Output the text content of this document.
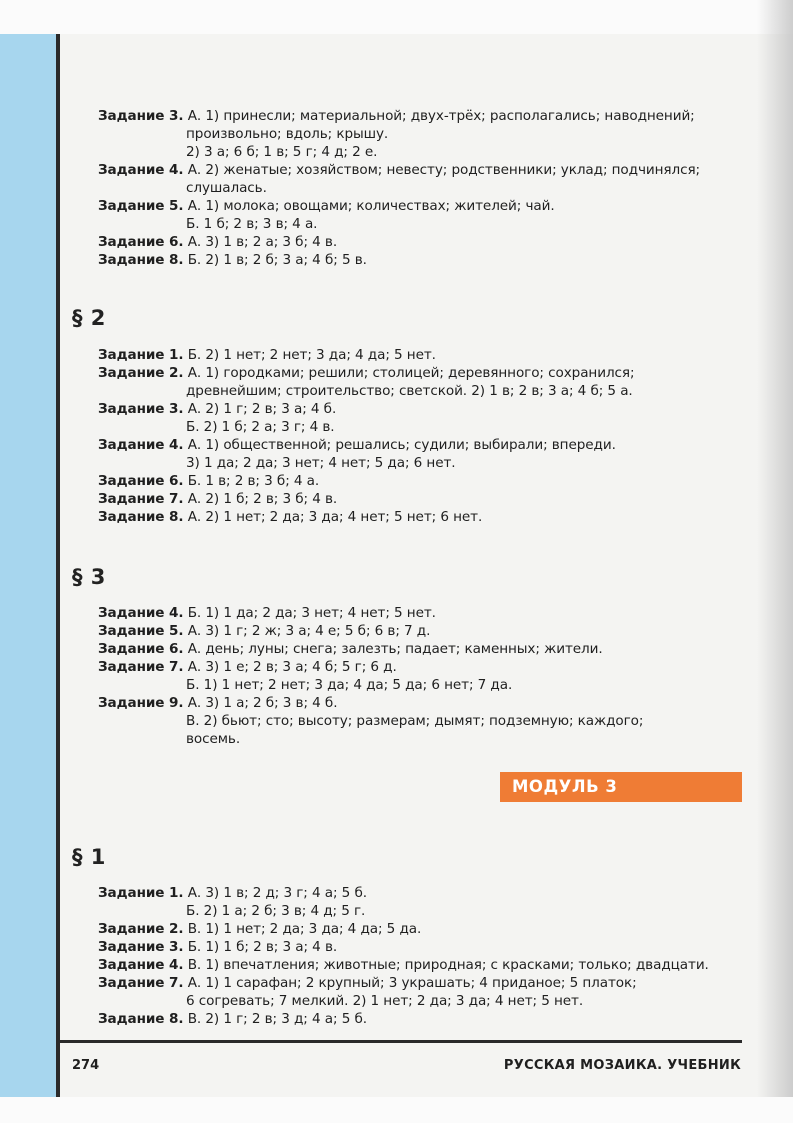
Задание 3. А. 1) принесли; материальной; двух-трёх; располагались; наводнений;
произвольно; вдоль; крышу.
2) 3 а; 6 б; 1 в; 5 г; 4 д; 2 е.
Задание 4. А. 2) женатые; хозяйством; невесту; родственники; уклад; подчинялся;
слушалась.
Задание 5. А. 1) молока; овощами; количествах; жителей; чай.
Б. 1 б; 2 в; 3 в; 4 а.
Задание 6. А. 3) 1 в; 2 а; 3 б; 4 в.
Задание 8. Б. 2) 1 в; 2 б; 3 а; 4 б; 5 в.
§ 2
Задание 1. Б. 2) 1 нет; 2 нет; 3 да; 4 да; 5 нет.
Задание 2. А. 1) городками; решили; столицей; деревянного; сохранился;
древнейшим; строительство; светской. 2) 1 в; 2 в; 3 а; 4 б; 5 а.
Задание 3. А. 2) 1 г; 2 в; 3 а; 4 б.
Б. 2) 1 б; 2 а; 3 г; 4 в.
Задание 4. А. 1) общественной; решались; судили; выбирали; впереди.
3) 1 да; 2 да; 3 нет; 4 нет; 5 да; 6 нет.
Задание 6. Б. 1 в; 2 в; 3 б; 4 а.
Задание 7. А. 2) 1 б; 2 в; 3 б; 4 в.
Задание 8. А. 2) 1 нет; 2 да; 3 да; 4 нет; 5 нет; 6 нет.
§ 3
Задание 4. Б. 1) 1 да; 2 да; 3 нет; 4 нет; 5 нет.
Задание 5. А. 3) 1 г; 2 ж; 3 а; 4 е; 5 б; 6 в; 7 д.
Задание 6. А. день; луны; снега; залезть; падает; каменных; жители.
Задание 7. А. 3) 1 е; 2 в; 3 а; 4 б; 5 г; 6 д.
Б. 1) 1 нет; 2 нет; 3 да; 4 да; 5 да; 6 нет; 7 да.
Задание 9. А. 3) 1 а; 2 б; 3 в; 4 б.
В. 2) бьют; сто; высоту; размерам; дымят; подземную; каждого;
восемь.
МОДУЛЬ 3
§ 1
Задание 1. А. 3) 1 в; 2 д; 3 г; 4 а; 5 б.
Б. 2) 1 а; 2 б; 3 в; 4 д; 5 г.
Задание 2. В. 1) 1 нет; 2 да; 3 да; 4 да; 5 да.
Задание 3. Б. 1) 1 б; 2 в; 3 а; 4 в.
Задание 4. В. 1) впечатления; животные; природная; с красками; только; двадцати.
Задание 7. А. 1) 1 сарафан; 2 крупный; 3 украшать; 4 приданое; 5 платок;
6 согревать; 7 мелкий. 2) 1 нет; 2 да; 3 да; 4 нет; 5 нет.
Задание 8. В. 2) 1 г; 2 в; 3 д; 4 а; 5 б.
274	РУССКАЯ МОЗАИКА. УЧЕБНИК
